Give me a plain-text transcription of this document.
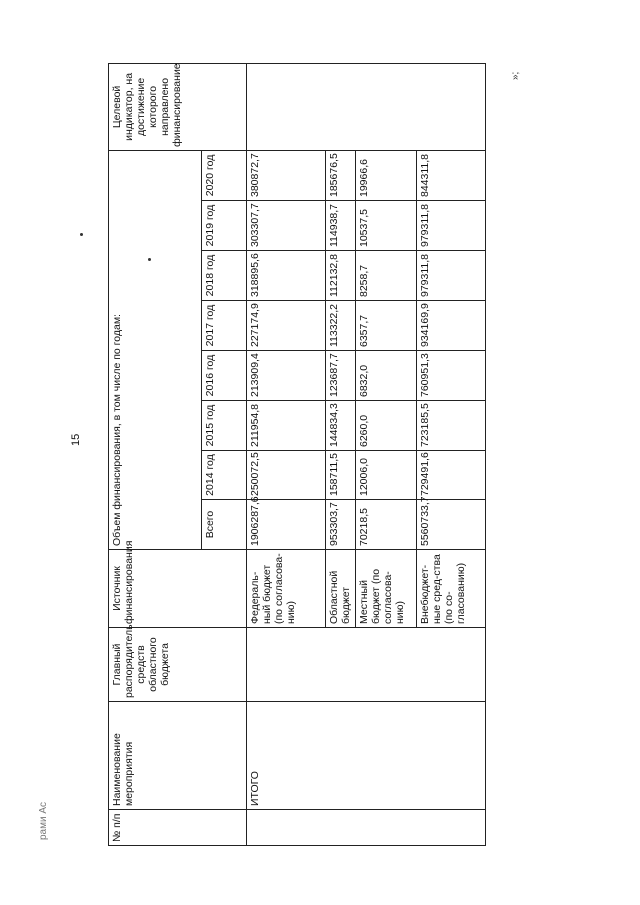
15
рами Ас
»;
№ п/п	Наименование мероприятия	Главный распорядитель средств областного бюджета	Источник финансирования	Объем финансирования, в том числе по годам:								Целевой индикатор, на достижение которого направлено финансирование
				Всего	2014 год	2015 год	2016 год	2017 год	2018 год	2019 год	2020 год	
	ИТОГО		Федераль-ный бюджет (по согласова-нию)	1906287,6	250072,5	211954,8	213909,4	227174,9	318895,6	303307,7	380872,7	
			Областной бюджет	953303,7	158711,5	144834,3	123687,7	113322,2	112132,8	114938,7	185676,5	
			Местный бюджет (по согласова-нию)	70218,5	12006,0	6260,0	6832,0	6357,7	8258,7	10537,5	19966,6	
			Внебюджет-ные сред-ства (по со-гласованию)	5560733,7	729491,6	723185,5	760951,3	934169,9	979311,8	979311,8	844311,8	
